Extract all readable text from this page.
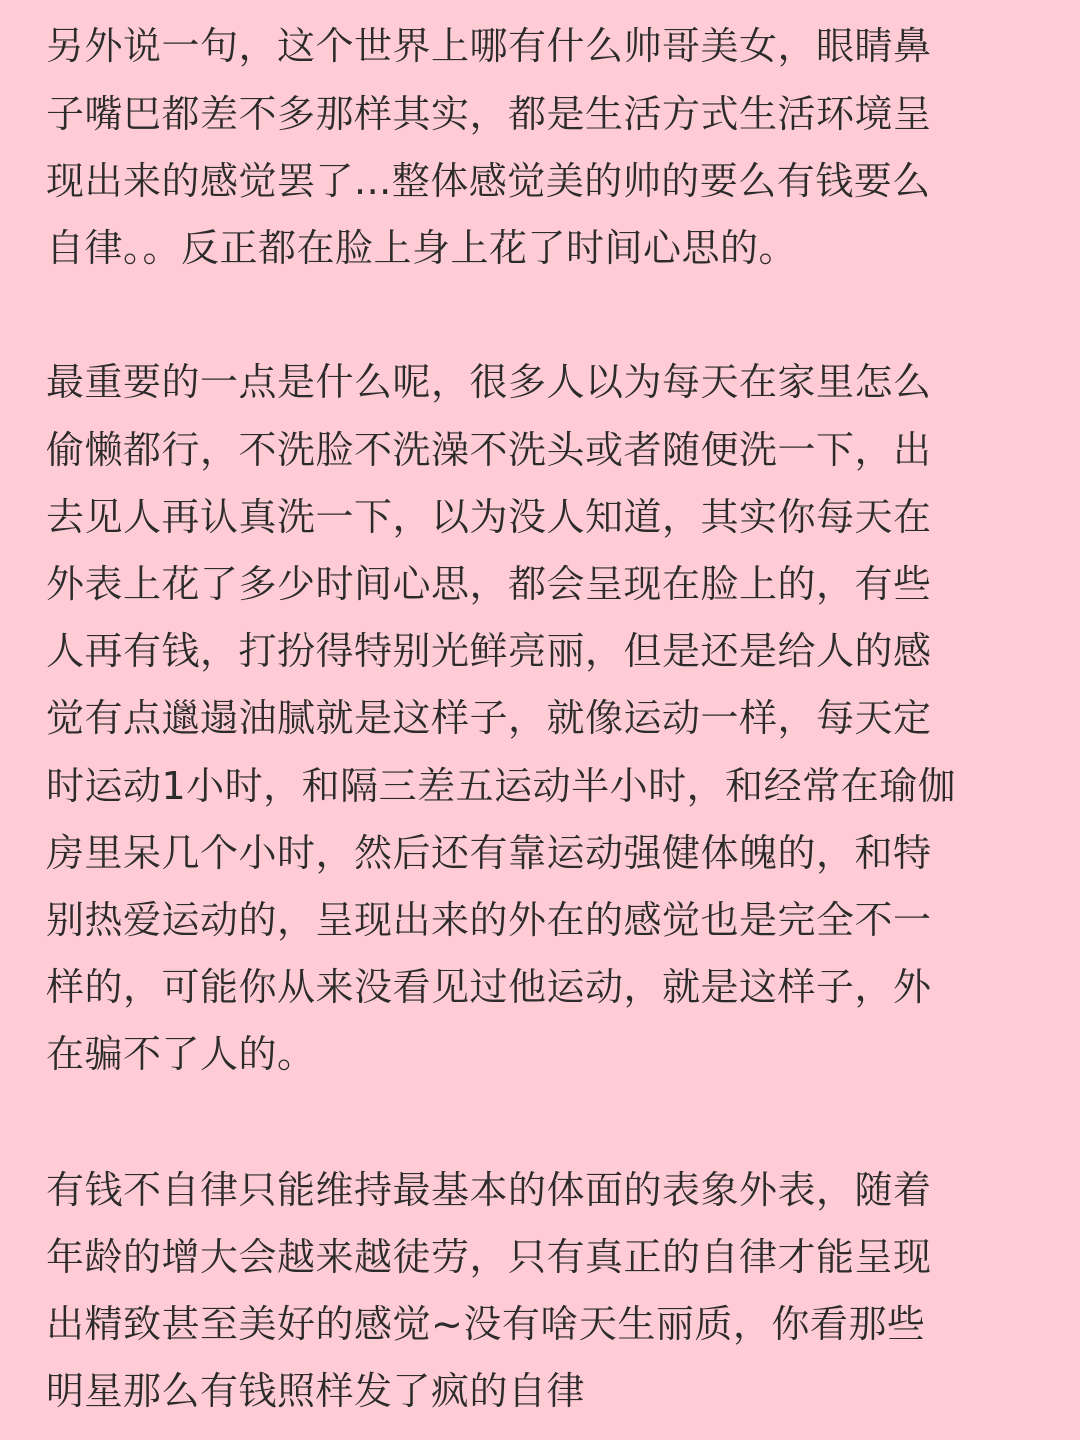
另外说一句，这个世界上哪有什么帅哥美女，眼睛鼻

子嘴巴都差不多那样其实，都是生活方式生活环境呈

现出来的感觉罢了...整体感觉美的帅的要么有钱要么

自律。。反正都在脸上身上花了时间心思的。

最重要的一点是什么呢，很多人以为每天在家里怎么

偷懒都行，不洗脸不洗澡不洗头或者随便洗一下，出

去见人再认真洗一下，以为没人知道，其实你每天在

外表上花了多少时间心思，都会呈现在脸上的，有些

人再有钱，打扮得特别光鲜亮丽，但是还是给人的感

觉有点邋遢油腻就是这样子，就像运动一样，每天定

时运动1小时，和隔三差五运动半小时，和经常在瑜伽

房里呆几个小时，然后还有靠运动强健体魄的，和特

别热爱运动的，呈现出来的外在的感觉也是完全不一

样的，可能你从来没看见过他运动，就是这样子，外

在骗不了人的。

有钱不自律只能维持最基本的体面的表象外表，随着

年龄的增大会越来越徒劳，只有真正的自律才能呈现

出精致甚至美好的感觉~没有啥天生丽质，你看那些

明星那么有钱照样发了疯的自律
